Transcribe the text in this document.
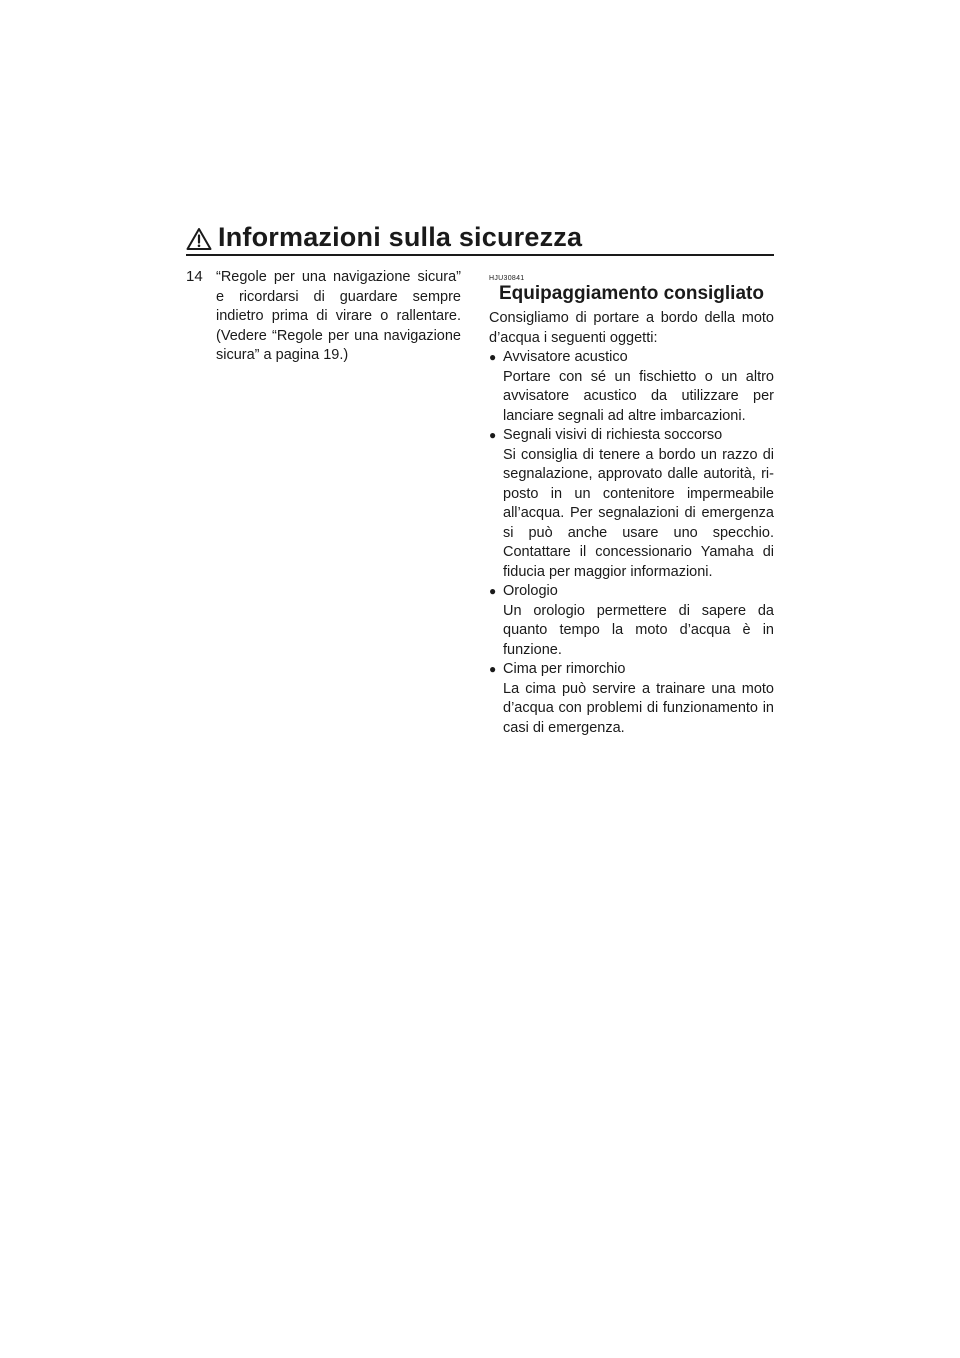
Informazioni sulla sicurezza
14 “Regole per una navigazione sicura” e ricordarsi di guardare sempre indietro prima di virare o rallentare. (Vedere “Regole per una navigazione sicura” a pagina 19.)

HJU30841
Equipaggiamento consigliato

Consigliamo di portare a bordo della moto d’acqua i seguenti oggetti:

● Avvisatore acustico
Portare con sé un fischietto o un altro avvisatore acustico da utilizzare per lanciare segnali ad altre imbarcazioni.
● Segnali visivi di richiesta soccorso
Si consiglia di tenere a bordo un razzo di segnalazione, approvato dalle autorità, riposto in un contenitore impermeabile all’acqua. Per segnalazioni di emergenza si può anche usare uno specchio. Contattare il concessionario Yamaha di fiducia per maggior informazioni.
● Orologio
Un orologio permettere di sapere da quanto tempo la moto d’acqua è in funzione.
● Cima per rimorchio
La cima può servire a trainare una moto d’acqua con problemi di funzionamento in casi di emergenza.
